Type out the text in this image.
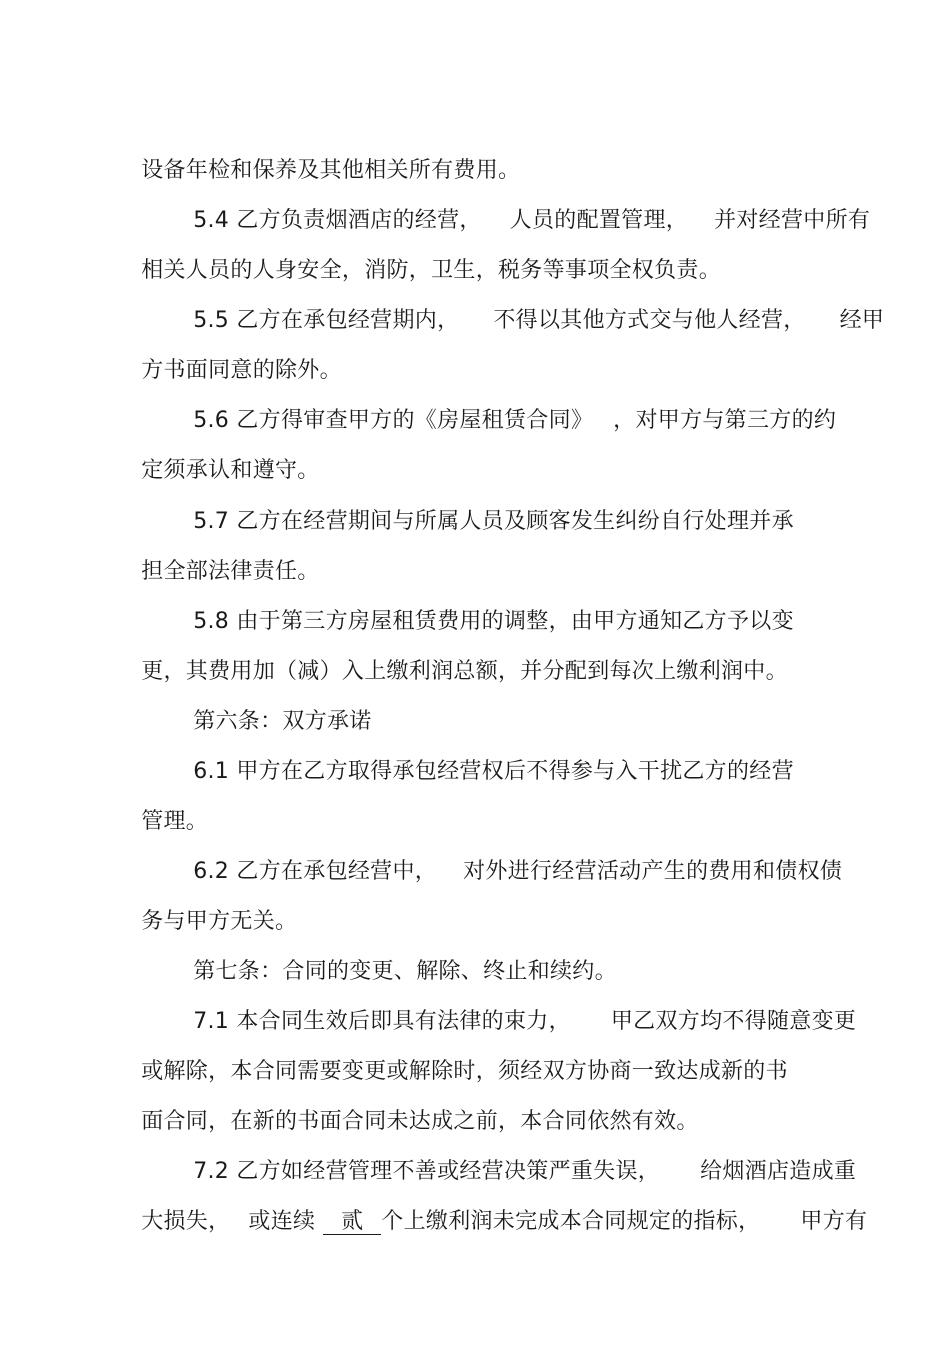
设备年检和保养及其他相关所有费用。

5.4 乙方负责烟酒店的经营， 人员的配置管理， 并对经营中所有

相关人员的人身安全，消防，卫生，税务等事项全权负责。

5.5 乙方在承包经营期内， 不得以其他方式交与他人经营， 经甲

方书面同意的除外。

5.6 乙方得审查甲方的《房屋租赁合同》 ，对甲方与第三方的约

定须承认和遵守。

5.7 乙方在经营期间与所属人员及顾客发生纠纷自行处理并承

担全部法律责任。

5.8 由于第三方房屋租赁费用的调整，由甲方通知乙方予以变

更，其费用加（减）入上缴利润总额，并分配到每次上缴利润中。

第六条：双方承诺

6.1 甲方在乙方取得承包经营权后不得参与入干扰乙方的经营

管理。

6.2 乙方在承包经营中， 对外进行经营活动产生的费用和债权债

务与甲方无关。

第七条：合同的变更、解除、终止和续约。

7.1 本合同生效后即具有法律的束力， 甲乙双方均不得随意变更

或解除，本合同需要变更或解除时，须经双方协商一致达成新的书

面合同，在新的书面合同未达成之前，本合同依然有效。

7.2 乙方如经营管理不善或经营决策严重失误， 给烟酒店造成重

大损失， 或连续 贰 个上缴利润未完成本合同规定的指标， 甲方有
